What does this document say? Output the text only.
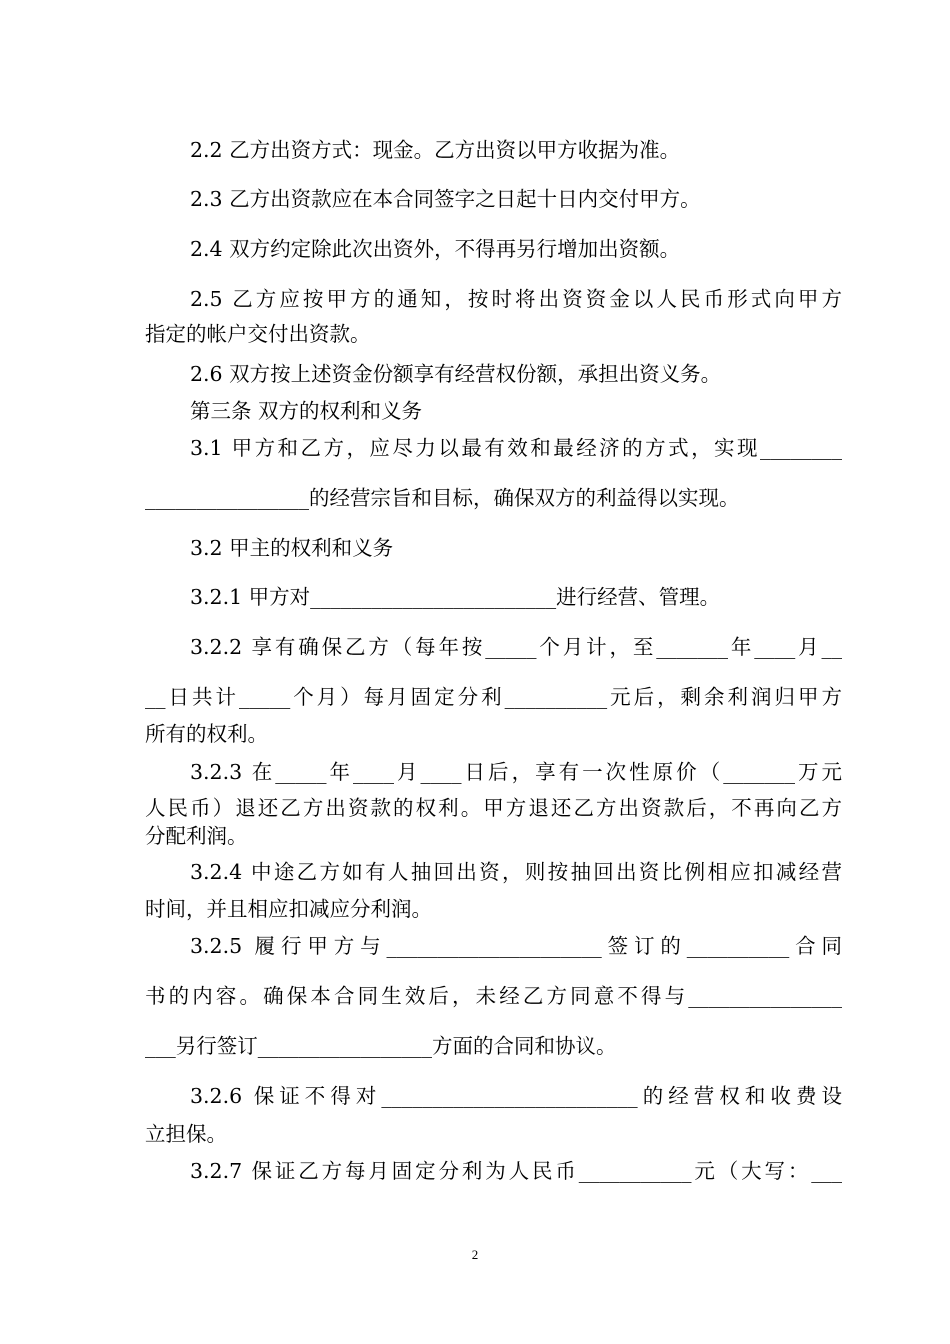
2.2 乙方出资方式：现金。乙方出资以甲方收据为准。
2.3 乙方出资款应在本合同签字之日起十日内交付甲方。
2.4 双方约定除此次出资外，不得再另行增加出资额。
2.5 乙方应按甲方的通知，按时将出资资金以人民币形式向甲方
指定的帐户交付出资款。
2.6 双方按上述资金份额享有经营权份额，承担出资义务。
第三条 双方的权利和义务
3.1 甲方和乙方，应尽力以最有效和最经济的方式，实现________
________________的经营宗旨和目标，确保双方的利益得以实现。
3.2 甲主的权利和义务
3.2.1 甲方对________________________进行经营、管理。
3.2.2 享有确保乙方（每年按_____个月计，至_______年____月__
__日共计_____个月）每月固定分利__________元后，剩余利润归甲方
所有的权利。
3.2.3 在_____年____月____日后，享有一次性原价（_______万元
人民币）退还乙方出资款的权利。甲方退还乙方出资款后，不再向乙方
分配利润。
3.2.4 中途乙方如有人抽回出资，则按抽回出资比例相应扣减经营
时间，并且相应扣减应分利润。
3.2.5 履行甲方与_____________________签订的__________合同
书的内容。确保本合同生效后，未经乙方同意不得与_______________
___另行签订_________________方面的合同和协议。
3.2.6 保证不得对_________________________的经营权和收费设
立担保。
3.2.7 保证乙方每月固定分利为人民币___________元（大写：___
2
